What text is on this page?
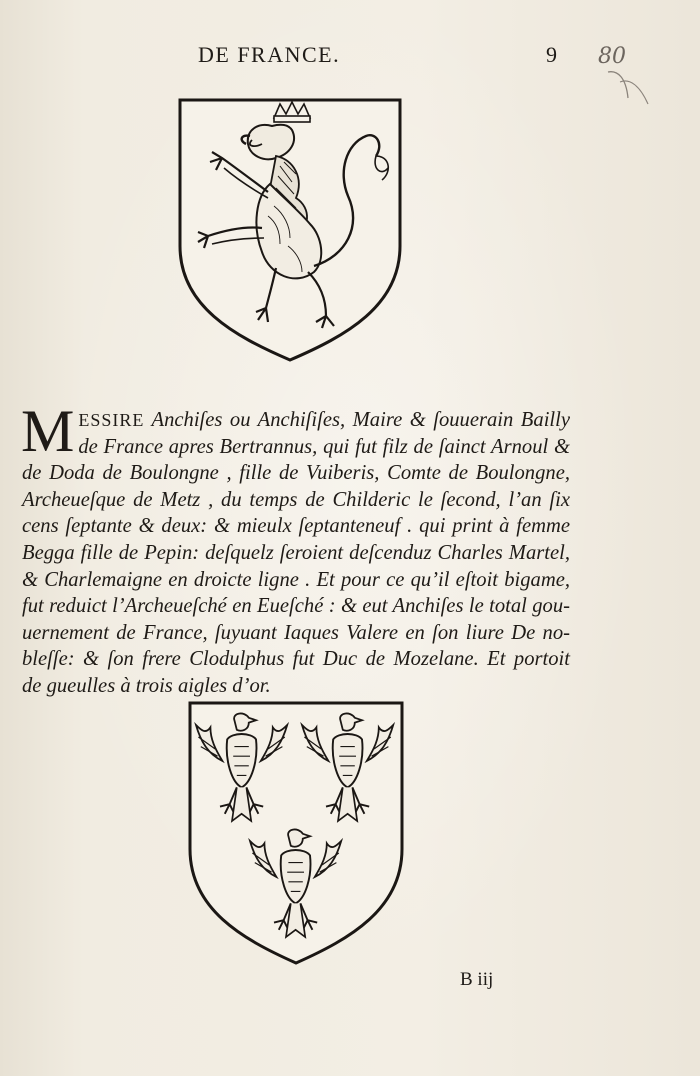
DE FRANCE.	9 80
M ESSIRE Anchiſes ou Anchiſiſes, Maire & ſouuerain Bailly
de France apres Bertrannus, qui fut filz de ſainct Arnoul &
de Doda de Boulongne , fille de Vuiberis, Comte de Boulongne,
Archeueſque de Metz , du temps de Childeric le ſecond, l’an ſix
cens ſeptante & deux: & mieulx ſeptanteneuf . qui print à femme
Begga fille de Pepin: deſquelz ſeroient deſcenduz Charles Martel,
& Charlemaigne en droicte ligne . Et pour ce qu’il eſtoit bigame,
fut reduict l’Archeueſché en Eueſché : & eut Anchiſes le total gou-
uernement de France, ſuyuant Iaques Valere en ſon liure De no-
bleſſe: & ſon frere Clodulphus fut Duc de Mozelane. Et portoit
de gueulles à trois aigles d’or.
B iij
